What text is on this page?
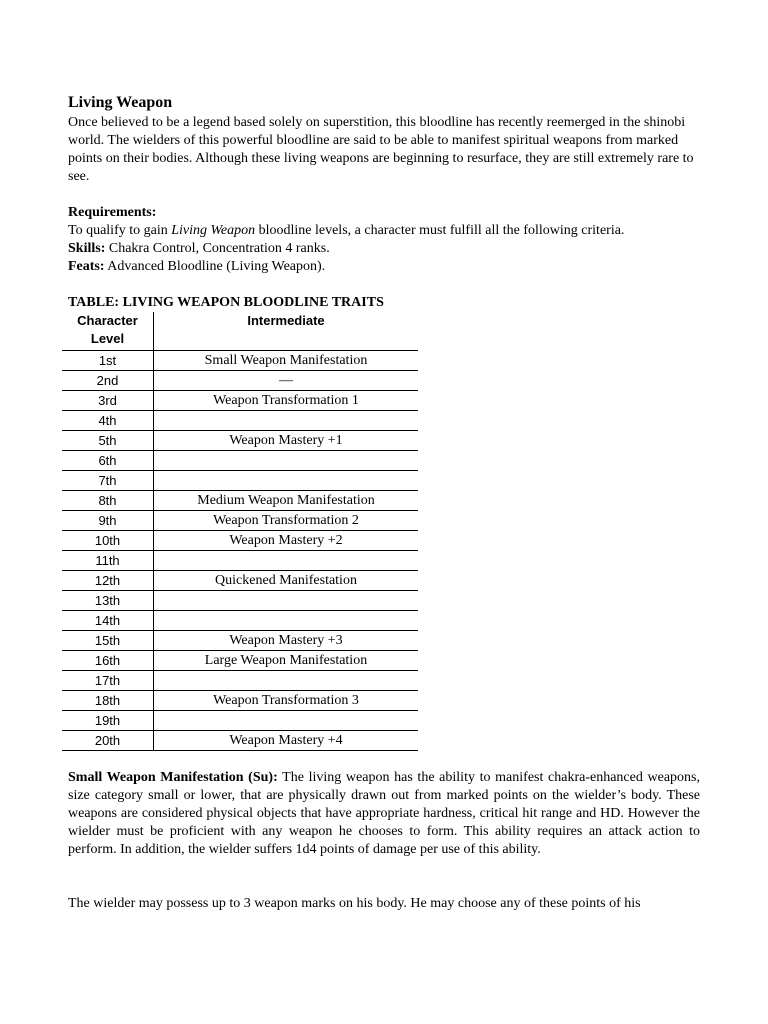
Living Weapon

Once believed to be a legend based solely on superstition, this bloodline has recently reemerged in the shinobi world. The wielders of this powerful bloodline are said to be able to manifest spiritual weapons from marked points on their bodies. Although these living weapons are beginning to resurface, they are still extremely rare to see.

Requirements:

To qualify to gain Living Weapon bloodline levels, a character must fulfill all the following criteria.

Skills: Chakra Control, Concentration 4 ranks.

Feats: Advanced Bloodline (Living Weapon).

TABLE: LIVING WEAPON BLOODLINE TRAITS

Character
Level	Intermediate
1st	Small Weapon Manifestation
2nd	—
3rd	Weapon Transformation 1
4th	
5th	Weapon Mastery +1
6th	
7th	
8th	Medium Weapon Manifestation
9th	Weapon Transformation 2
10th	Weapon Mastery +2
11th	
12th	Quickened Manifestation
13th	
14th	
15th	Weapon Mastery +3
16th	Large Weapon Manifestation
17th	
18th	Weapon Transformation 3
19th	
20th	Weapon Mastery +4

Small Weapon Manifestation (Su): The living weapon has the ability to manifest chakra-enhanced weapons, size category small or lower, that are physically drawn out from marked points on the wielder’s body. These weapons are considered physical objects that have appropriate hardness, critical hit range and HD. However the wielder must be proficient with any weapon he chooses to form. This ability requires an attack action to perform. In addition, the wielder suffers 1d4 points of damage per use of this ability.

The wielder may possess up to 3 weapon marks on his body. He may choose any of these points of his
